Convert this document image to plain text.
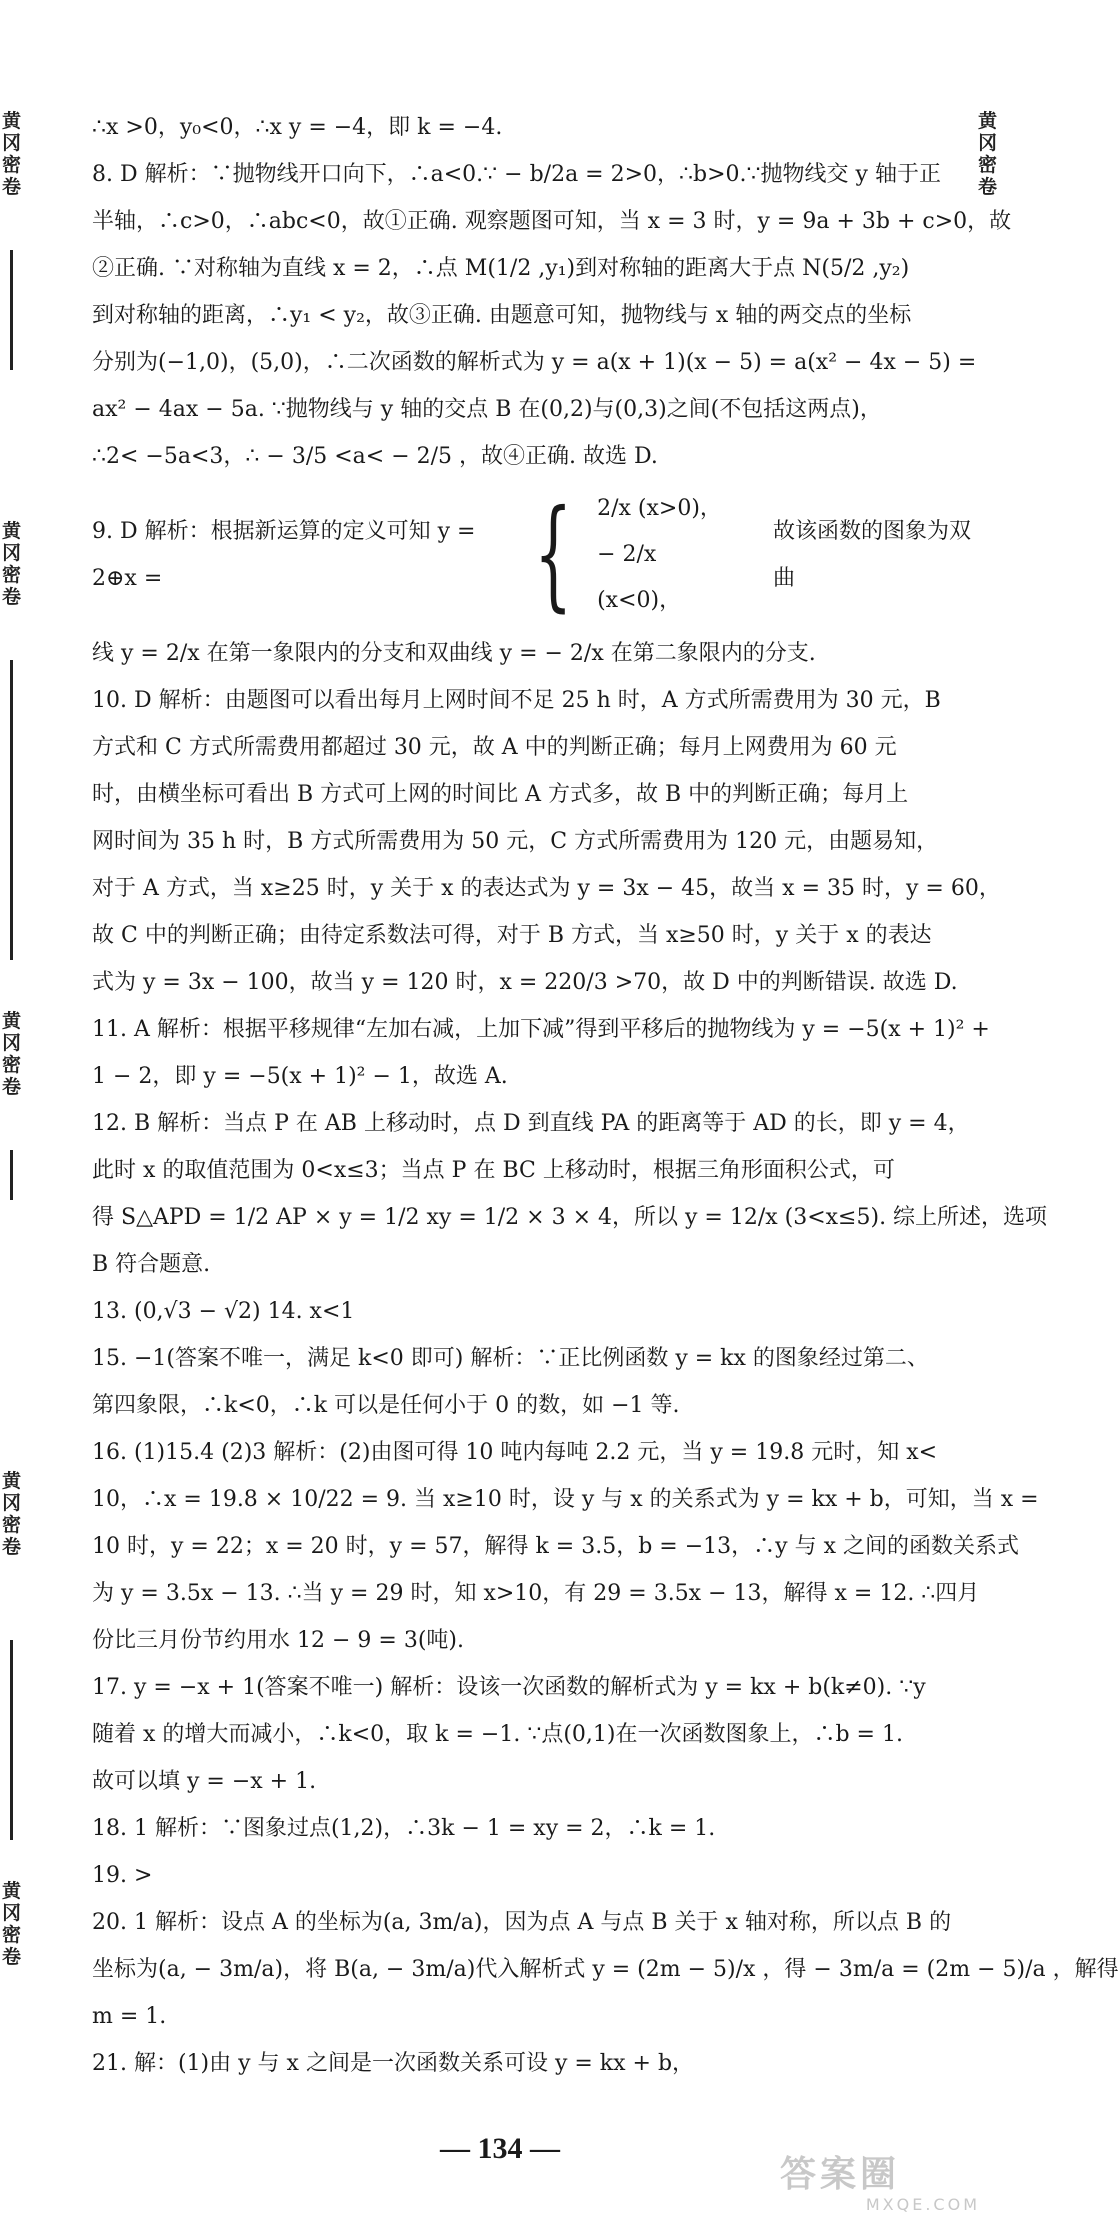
∴x >0，y₀<0，∴x y = −4，即 k = −4.
8. D 解析：∵抛物线开口向下，∴a<0.∵ − b/2a = 2>0，∴b>0.∵抛物线交 y 轴于正
半轴，∴c>0，∴abc<0，故①正确. 观察题图可知，当 x = 3 时，y = 9a + 3b + c>0，故
②正确. ∵对称轴为直线 x = 2，∴点 M(1/2 ,y₁)到对称轴的距离大于点 N(5/2 ,y₂)
到对称轴的距离，∴y₁ < y₂，故③正确. 由题意可知，抛物线与 x 轴的两交点的坐标
分别为(−1,0)，(5,0)，∴二次函数的解析式为 y = a(x + 1)(x − 5) = a(x² − 4x − 5) =
ax² − 4ax − 5a. ∵抛物线与 y 轴的交点 B 在(0,2)与(0,3)之间(不包括这两点)，
∴2< −5a<3，∴ − 3/5 <a< − 2/5 ，故④正确. 故选 D.
9. D 解析：根据新运算的定义可知 y = 2⊕x =	{ 2/x (x>0)，
− 2/x (x<0)，
故该函数的图象为双曲
线 y = 2/x 在第一象限内的分支和双曲线 y = − 2/x 在第二象限内的分支.
10. D 解析：由题图可以看出每月上网时间不足 25 h 时，A 方式所需费用为 30 元，B
方式和 C 方式所需费用都超过 30 元，故 A 中的判断正确；每月上网费用为 60 元
时，由横坐标可看出 B 方式可上网的时间比 A 方式多，故 B 中的判断正确；每月上
网时间为 35 h 时，B 方式所需费用为 50 元，C 方式所需费用为 120 元，由题易知，
对于 A 方式，当 x≥25 时，y 关于 x 的表达式为 y = 3x − 45，故当 x = 35 时，y = 60，
故 C 中的判断正确；由待定系数法可得，对于 B 方式，当 x≥50 时，y 关于 x 的表达
式为 y = 3x − 100，故当 y = 120 时，x = 220/3 >70，故 D 中的判断错误. 故选 D.
11. A 解析：根据平移规律“左加右减，上加下减”得到平移后的抛物线为 y = −5(x + 1)² +
1 − 2，即 y = −5(x + 1)² − 1，故选 A.
12. B 解析：当点 P 在 AB 上移动时，点 D 到直线 PA 的距离等于 AD 的长，即 y = 4，
此时 x 的取值范围为 0<x≤3；当点 P 在 BC 上移动时，根据三角形面积公式，可
得 S△APD = 1/2 AP × y = 1/2 xy = 1/2 × 3 × 4，所以 y = 12/x (3<x≤5). 综上所述，选项
B 符合题意.
13. (0,√3 − √2) 14. x<1
15. −1(答案不唯一，满足 k<0 即可) 解析：∵正比例函数 y = kx 的图象经过第二、
第四象限，∴k<0，∴k 可以是任何小于 0 的数，如 −1 等.
16. (1)15.4 (2)3 解析：(2)由图可得 10 吨内每吨 2.2 元，当 y = 19.8 元时，知 x<
10，∴x = 19.8 × 10/22 = 9. 当 x≥10 时，设 y 与 x 的关系式为 y = kx + b，可知，当 x =
10 时，y = 22；x = 20 时，y = 57，解得 k = 3.5，b = −13，∴y 与 x 之间的函数关系式
为 y = 3.5x − 13. ∴当 y = 29 时，知 x>10，有 29 = 3.5x − 13，解得 x = 12. ∴四月
份比三月份节约用水 12 − 9 = 3(吨).
17. y = −x + 1(答案不唯一) 解析：设该一次函数的解析式为 y = kx + b(k≠0). ∵y
随着 x 的增大而减小，∴k<0，取 k = −1. ∵点(0,1)在一次函数图象上，∴b = 1.
故可以填 y = −x + 1.
18. 1 解析：∵图象过点(1,2)，∴3k − 1 = xy = 2，∴k = 1.
19. >
20. 1 解析：设点 A 的坐标为(a, 3m/a)，因为点 A 与点 B 关于 x 轴对称，所以点 B 的
坐标为(a, − 3m/a)，将 B(a, − 3m/a)代入解析式 y = (2m − 5)/x ，得 − 3m/a = (2m − 5)/a ，解得
m = 1.
21. 解：(1)由 y 与 x 之间是一次函数关系可设 y = kx + b，
— 134 —
黄冈密卷
黄冈密卷
黄冈密卷
黄冈密卷
黄冈密卷
黄冈密卷
答案圈
MXQE.COM
